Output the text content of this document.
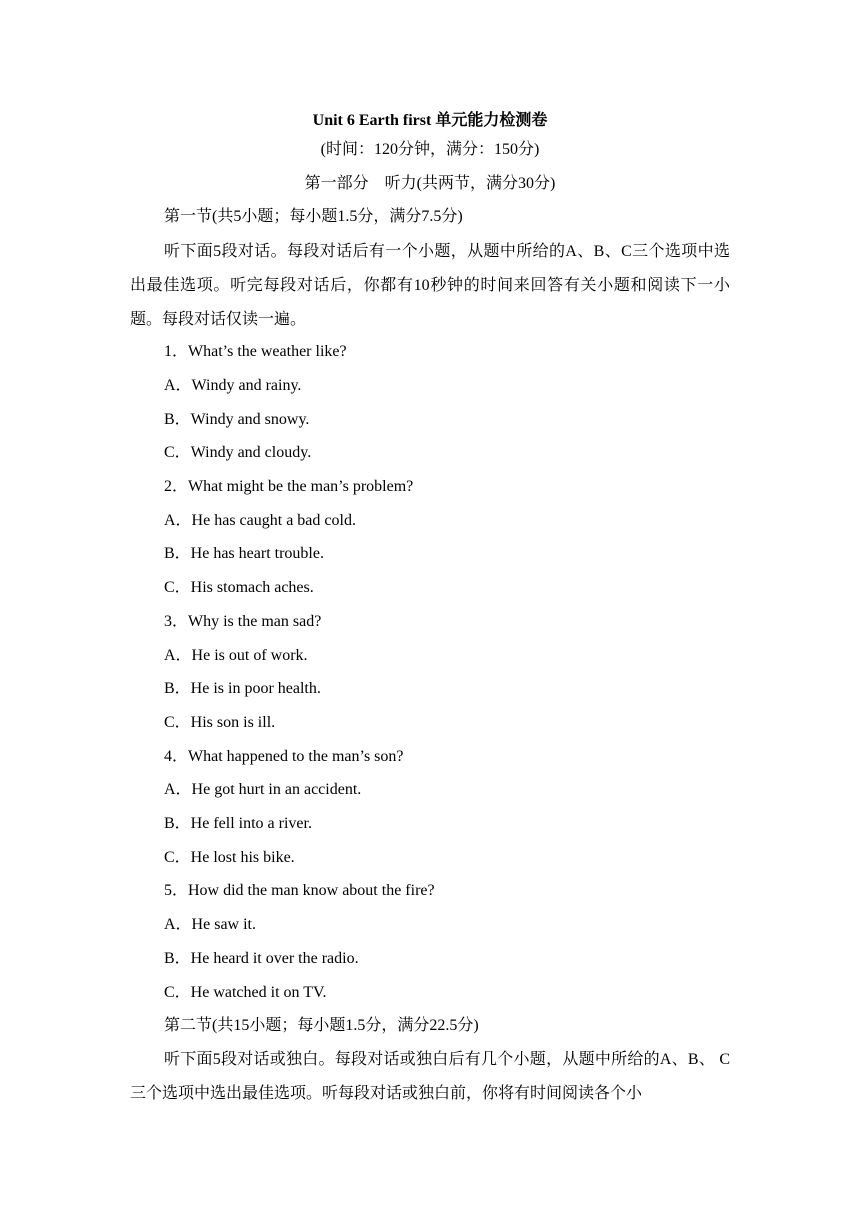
Unit 6 Earth first 单元能力检测卷
(时间：120分钟，满分：150分)
第一部分　听力(共两节，满分30分)
第一节(共5小题；每小题1.5分，满分7.5分)

听下面5段对话。每段对话后有一个小题，从题中所给的A、B、C三个选项中选出最佳选项。听完每段对话后，你都有10秒钟的时间来回答有关小题和阅读下一小题。每段对话仅读一遍。

1．What’s the weather like?
A．Windy and rainy.
B．Windy and snowy.
C．Windy and cloudy.
2．What might be the man’s problem?
A．He has caught a bad cold.
B．He has heart trouble.
C．His stomach aches.
3．Why is the man sad?
A．He is out of work.
B．He is in poor health.
C．His son is ill.
4．What happened to the man’s son?
A．He got hurt in an accident.
B．He fell into a river.
C．He lost his bike.
5．How did the man know about the fire?
A．He saw it.
B．He heard it over the radio.
C．He watched it on TV.
第二节(共15小题；每小题1.5分，满分22.5分)

听下面5段对话或独白。每段对话或独白后有几个小题，从题中所给的A、B、 C三个选项中选出最佳选项。听每段对话或独白前，你将有时间阅读各个小
